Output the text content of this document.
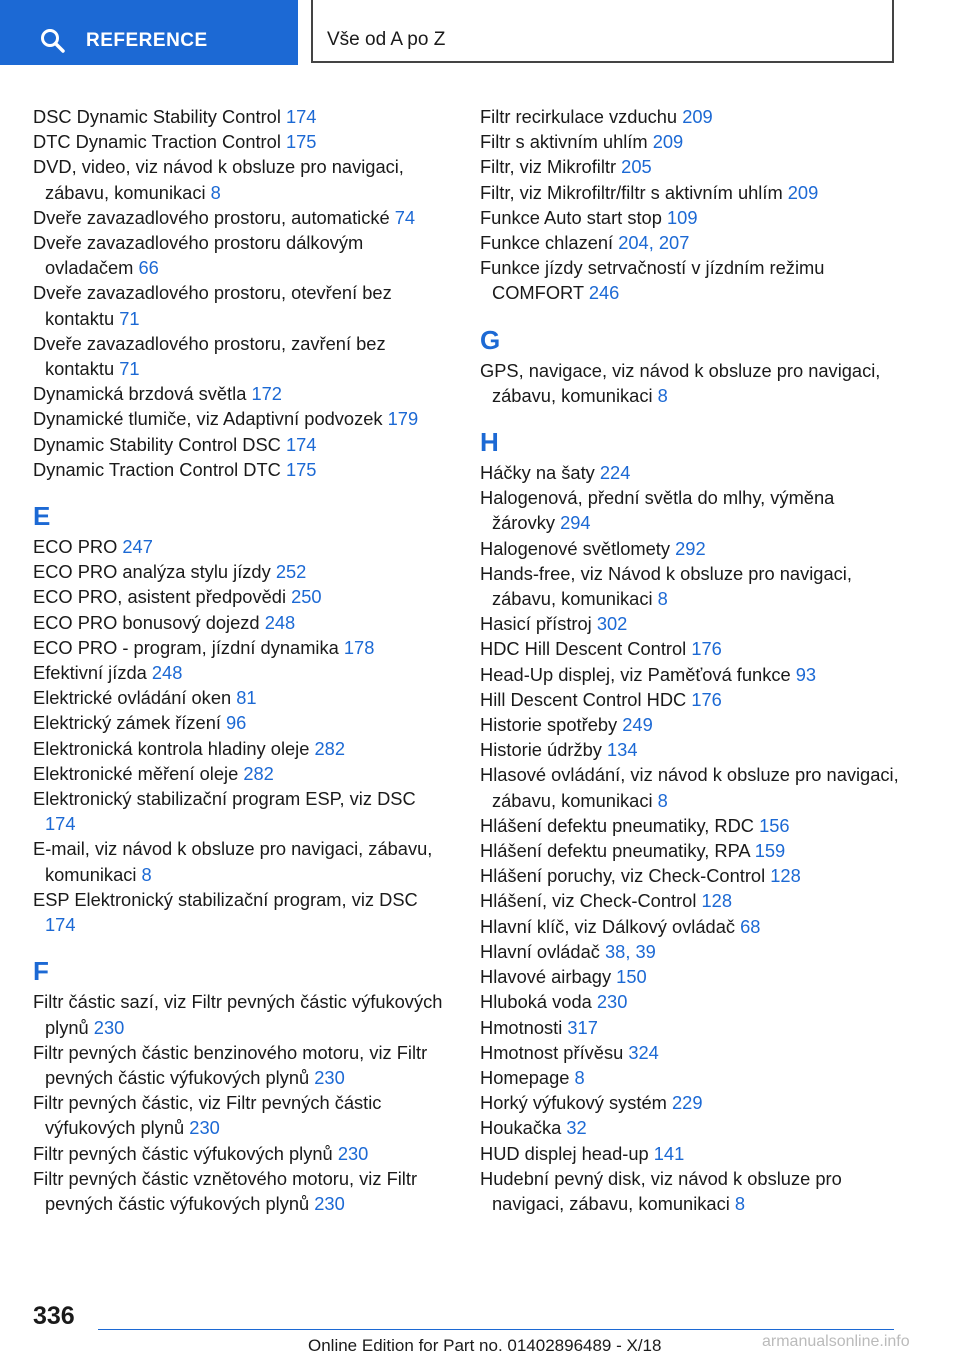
REFERENCE	Vše od A po Z
DSC Dynamic Stability Control 174
DTC Dynamic Traction Control 175
DVD, video, viz návod k obsluze pro navigaci, zábavu, komunikaci 8
Dveře zavazadlového prostoru, automatické 74
Dveře zavazadlového prostoru dálkovým ovladačem 66
Dveře zavazadlového prostoru, otevření bez kontaktu 71
Dveře zavazadlového prostoru, zavření bez kontaktu 71
Dynamická brzdová světla 172
Dynamické tlumiče, viz Adaptivní podvozek 179
Dynamic Stability Control DSC 174
Dynamic Traction Control DTC 175
E
ECO PRO 247
ECO PRO analýza stylu jízdy 252
ECO PRO, asistent předpovědi 250
ECO PRO bonusový dojezd 248
ECO PRO - program, jízdní dynamika 178
Efektivní jízda 248
Elektrické ovládání oken 81
Elektrický zámek řízení 96
Elektronická kontrola hladiny oleje 282
Elektronické měření oleje 282
Elektronický stabilizační program ESP, viz DSC 174
E-mail, viz návod k obsluze pro navigaci, zábavu, komunikaci 8
ESP Elektronický stabilizační program, viz DSC 174
F
Filtr částic sazí, viz Filtr pevných částic výfukových plynů 230
Filtr pevných částic benzinového motoru, viz Filtr pevných částic výfukových plynů 230
Filtr pevných částic, viz Filtr pevných částic výfukových plynů 230
Filtr pevných částic výfukových plynů 230
Filtr pevných částic vznětového motoru, viz Filtr pevných částic výfukových plynů 230
Filtr recirkulace vzduchu 209
Filtr s aktivním uhlím 209
Filtr, viz Mikrofiltr 205
Filtr, viz Mikrofiltr/filtr s aktivním uhlím 209
Funkce Auto start stop 109
Funkce chlazení 204, 207
Funkce jízdy setrvačností v jízdním režimu COMFORT 246
G
GPS, navigace, viz návod k obsluze pro navigaci, zábavu, komunikaci 8
H
Háčky na šaty 224
Halogenová, přední světla do mlhy, výměna žárovky 294
Halogenové světlomety 292
Hands-free, viz Návod k obsluze pro navigaci, zábavu, komunikaci 8
Hasicí přístroj 302
HDC Hill Descent Control 176
Head-Up displej, viz Paměťová funkce 93
Hill Descent Control HDC 176
Historie spotřeby 249
Historie údržby 134
Hlasové ovládání, viz návod k obsluze pro navigaci, zábavu, komunikaci 8
Hlášení defektu pneumatiky, RDC 156
Hlášení defektu pneumatiky, RPA 159
Hlášení poruchy, viz Check-Control 128
Hlášení, viz Check-Control 128
Hlavní klíč, viz Dálkový ovládač 68
Hlavní ovládač 38, 39
Hlavové airbagy 150
Hluboká voda 230
Hmotnosti 317
Hmotnost přívěsu 324
Homepage 8
Horký výfukový systém 229
Houkačka 32
HUD displej head-up 141
Hudební pevný disk, viz návod k obsluze pro navigaci, zábavu, komunikaci 8
336
Online Edition for Part no. 01402896489 - X/18	armanualsonline.info
